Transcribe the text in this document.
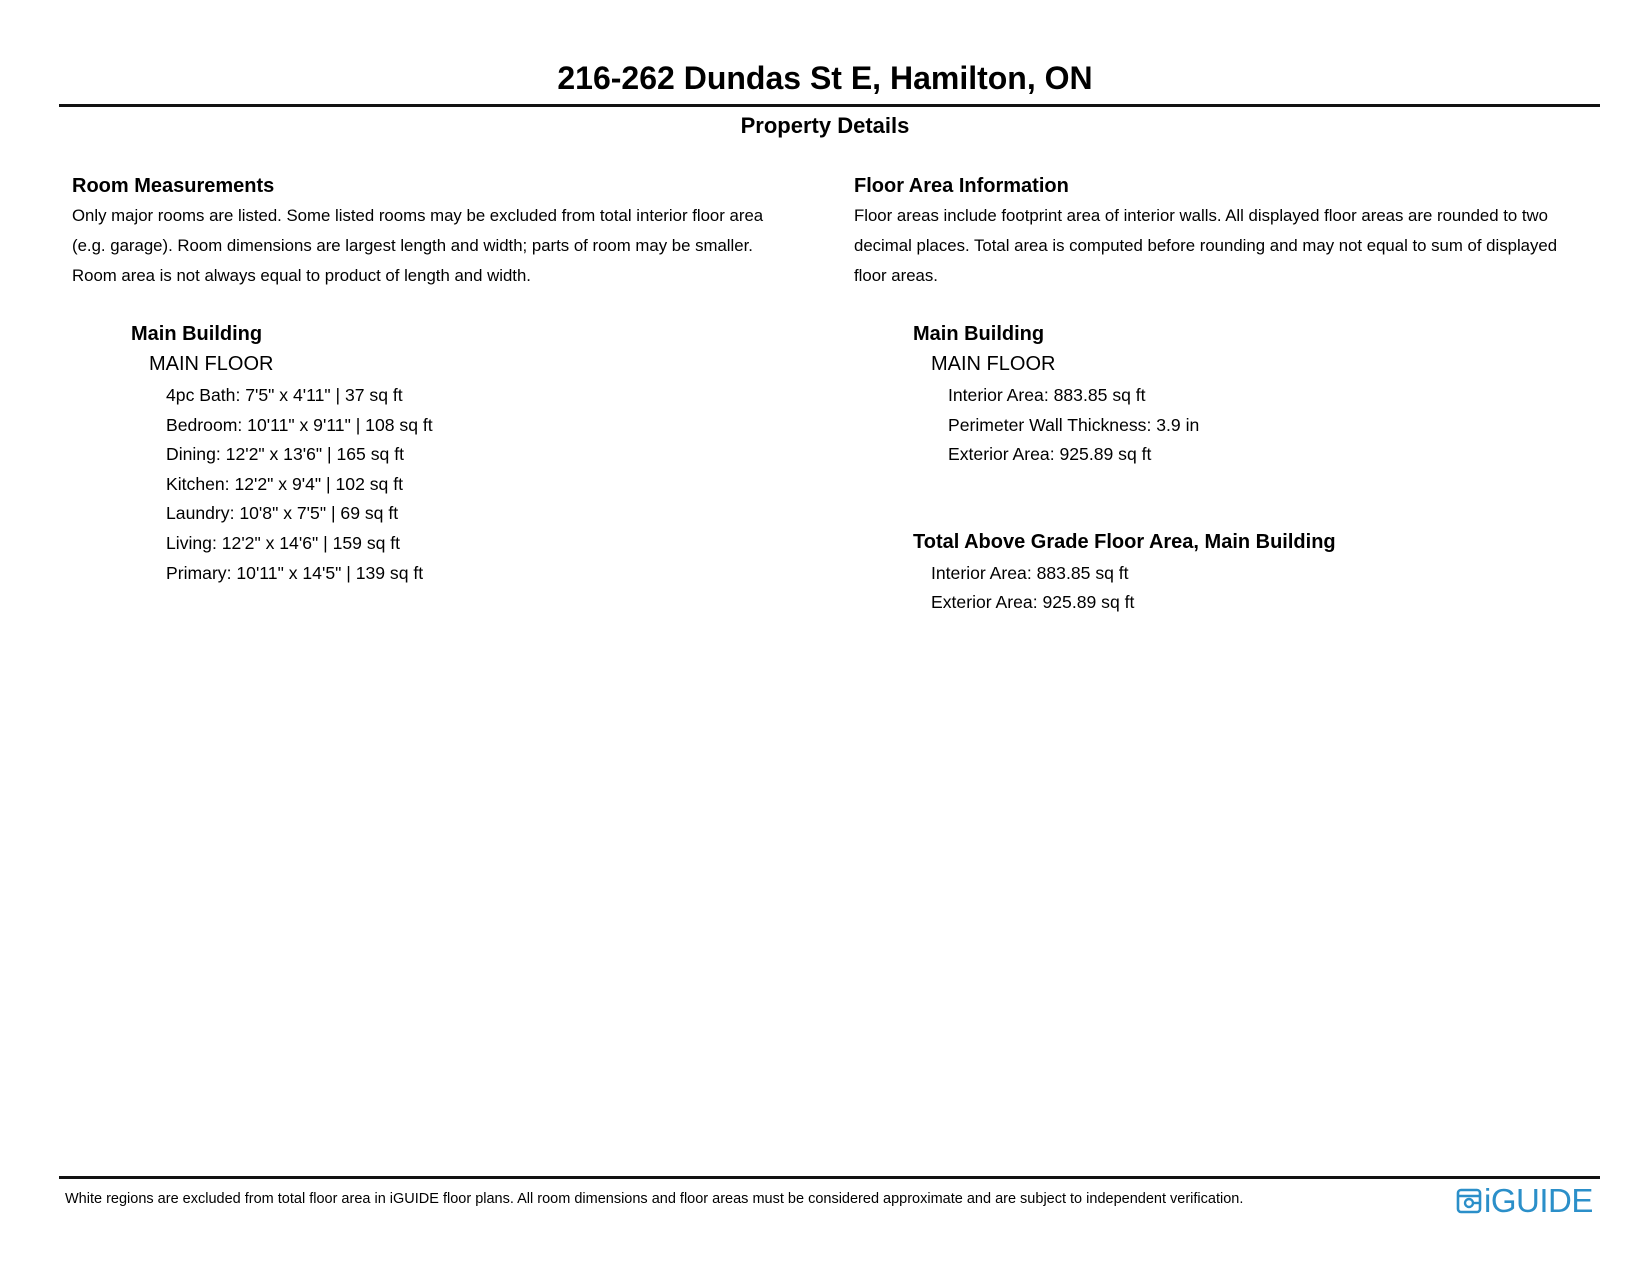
216-262 Dundas St E, Hamilton, ON
Property Details
Room Measurements
Only major rooms are listed. Some listed rooms may be excluded from total interior floor area
(e.g. garage). Room dimensions are largest length and width; parts of room may be smaller.
Room area is not always equal to product of length and width.
Main Building
MAIN FLOOR
4pc Bath: 7'5" x 4'11" | 37 sq ft
Bedroom: 10'11" x 9'11" | 108 sq ft
Dining: 12'2" x 13'6" | 165 sq ft
Kitchen: 12'2" x 9'4" | 102 sq ft
Laundry: 10'8" x 7'5" | 69 sq ft
Living: 12'2" x 14'6" | 159 sq ft
Primary: 10'11" x 14'5" | 139 sq ft
Floor Area Information
Floor areas include footprint area of interior walls. All displayed floor areas are rounded to two
decimal places. Total area is computed before rounding and may not equal to sum of displayed
floor areas.
Main Building
MAIN FLOOR
Interior Area: 883.85 sq ft
Perimeter Wall Thickness: 3.9 in
Exterior Area: 925.89 sq ft
Total Above Grade Floor Area, Main Building
Interior Area: 883.85 sq ft
Exterior Area: 925.89 sq ft
White regions are excluded from total floor area in iGUIDE floor plans. All room dimensions and floor areas must be considered approximate and are subject to independent verification.	iGUIDE
